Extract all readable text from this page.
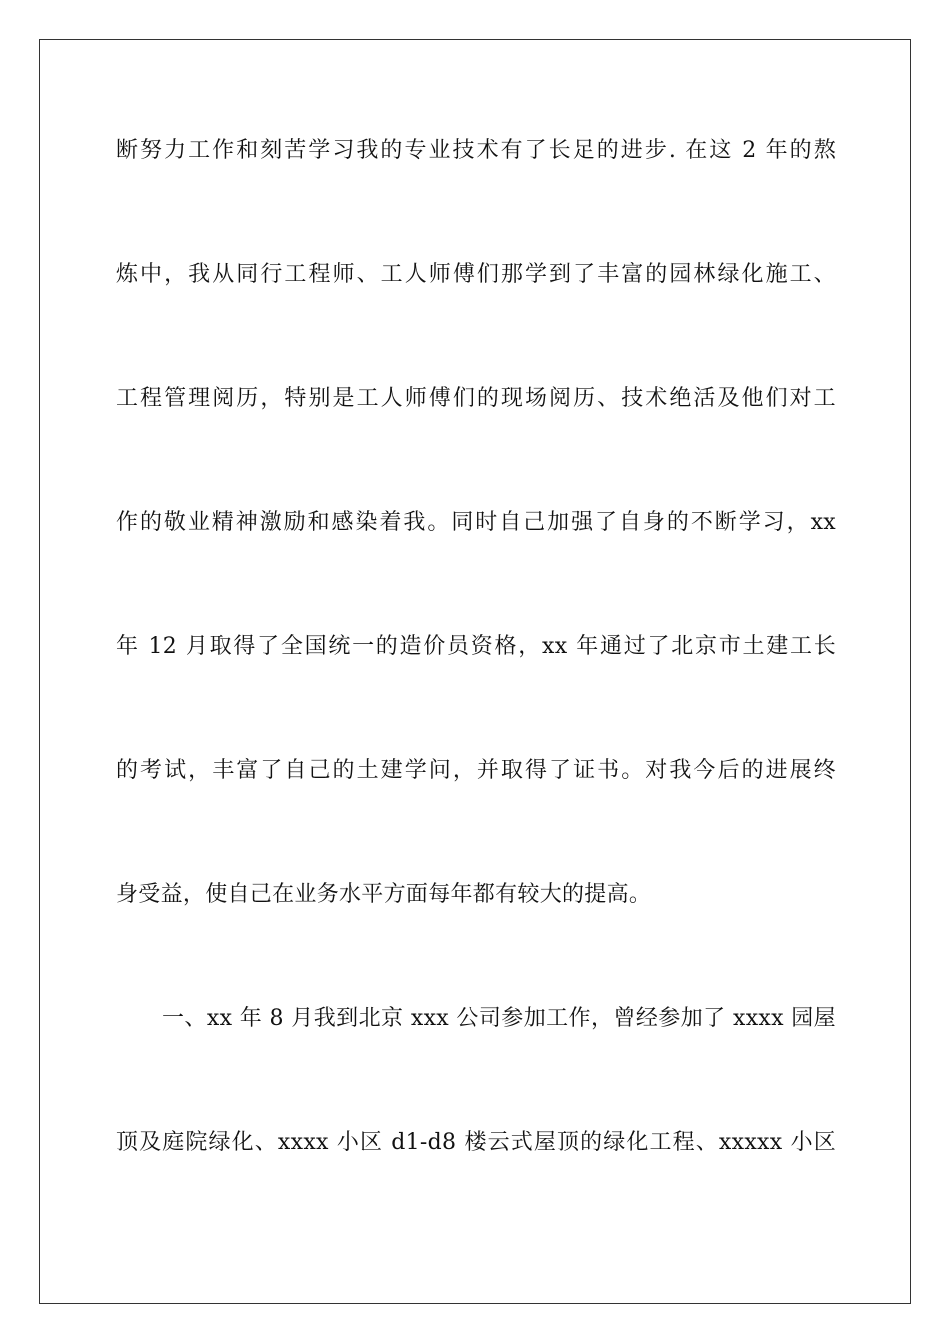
断努力工作和刻苦学习我的专业技术有了长足的进步. 在这 2 年的熬
炼中，我从同行工程师、工人师傅们那学到了丰富的园林绿化施工、
工程管理阅历，特别是工人师傅们的现场阅历、技术绝活及他们对工
作的敬业精神激励和感染着我。同时自己加强了自身的不断学习，xx
年 12 月取得了全国统一的造价员资格，xx 年通过了北京市土建工长
的考试，丰富了自己的土建学问，并取得了证书。对我今后的进展终
身受益，使自己在业务水平方面每年都有较大的提高。
一、xx 年 8 月我到北京 xxx 公司参加工作，曾经参加了 xxxx 园屋
顶及庭院绿化、xxxx 小区 d1-d8 楼云式屋顶的绿化工程、xxxxx 小区
